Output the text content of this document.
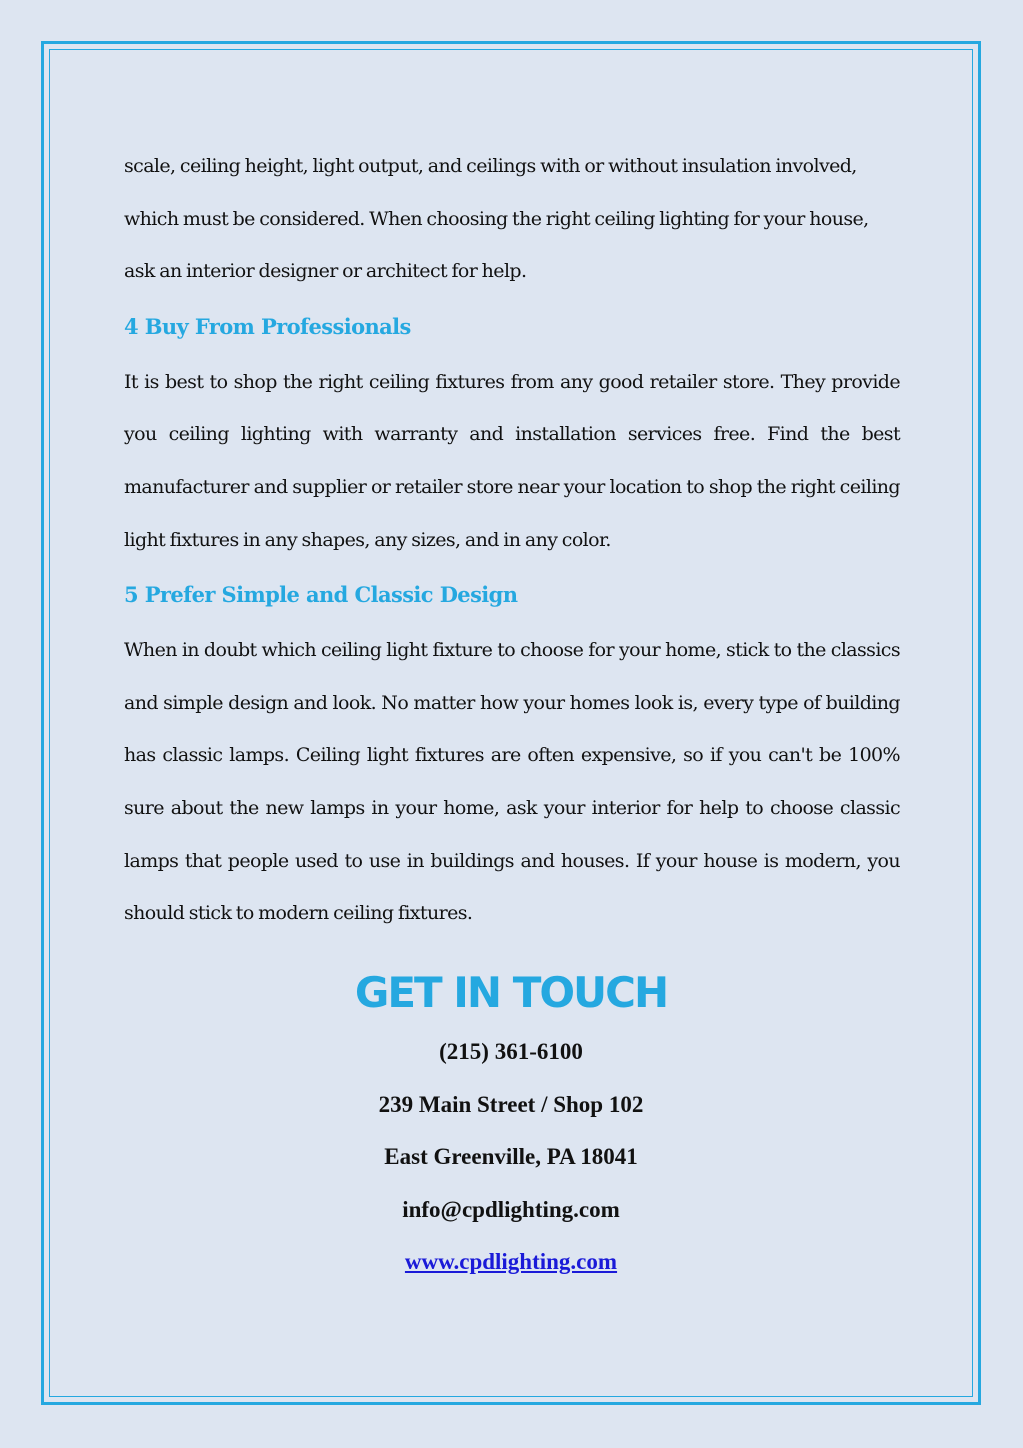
scale, ceiling height, light output, and ceilings with or without insulation involved, which must be considered. When choosing the right ceiling lighting for your house, ask an interior designer or architect for help.

4 Buy From Professionals

It is best to shop the right ceiling fixtures from any good retailer store. They provide you ceiling lighting with warranty and installation services free. Find the best manufacturer and supplier or retailer store near your location to shop the right ceiling light fixtures in any shapes, any sizes, and in any color.

5 Prefer Simple and Classic Design

When in doubt which ceiling light fixture to choose for your home, stick to the classics and simple design and look. No matter how your homes look is, every type of building has classic lamps. Ceiling light fixtures are often expensive, so if you can't be 100% sure about the new lamps in your home, ask your interior for help to choose classic lamps that people used to use in buildings and houses. If your house is modern, you should stick to modern ceiling fixtures.

GET IN TOUCH

(215) 361-6100

239 Main Street / Shop 102

East Greenville, PA 18041

info@cpdlighting.com

www.cpdlighting.com
